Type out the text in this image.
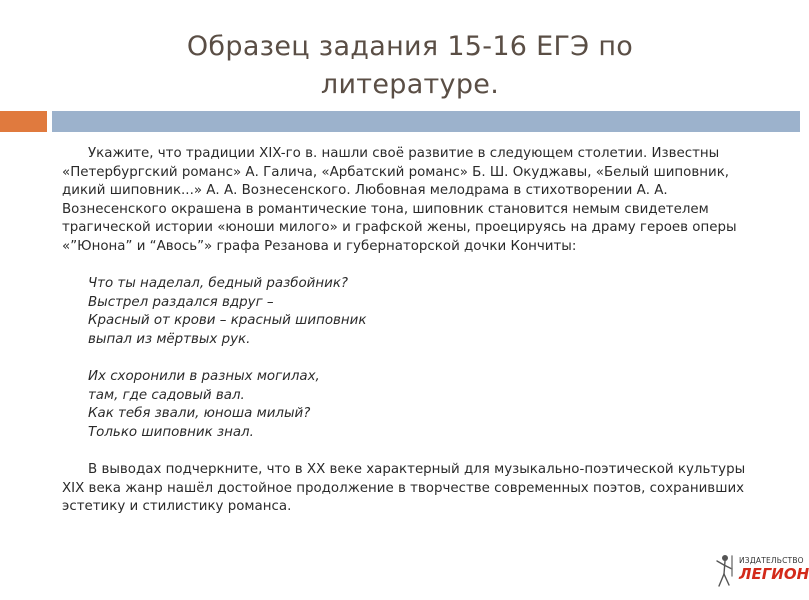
Образец задания 15-16 ЕГЭ по
литературе.

Укажите, что традиции XIX-го в. нашли своё развитие в следующем столетии. Известны «Петербургский романс» А. Галича, «Арбатский романс» Б. Ш. Окуджавы, «Белый шиповник, дикий шиповник...» А. А. Вознесенского. Любовная мелодрама в стихотворении А. А. Вознесенского окрашена в романтические тона, шиповник становится немым свидетелем трагической истории «юноши милого» и графской жены, проецируясь на драму героев оперы «”Юнона” и “Авось”» графа Резанова и губернаторской дочки Кончиты:

Что ты наделал, бедный разбойник?
Выстрел раздался вдруг –
Красный от крови – красный шиповник
выпал из мёртвых рук.
Их схоронили в разных могилах,
там, где садовый вал.
Как тебя звали, юноша милый?
Только шиповник знал.

В выводах подчеркните, что в XX веке характерный для музыкально-поэтической культуры XIX века жанр нашёл достойное продолжение в творчестве современных поэтов, сохранивших эстетику и стилистику романса.

ИЗДАТЕЛЬСТВО
ЛЕГИОН
